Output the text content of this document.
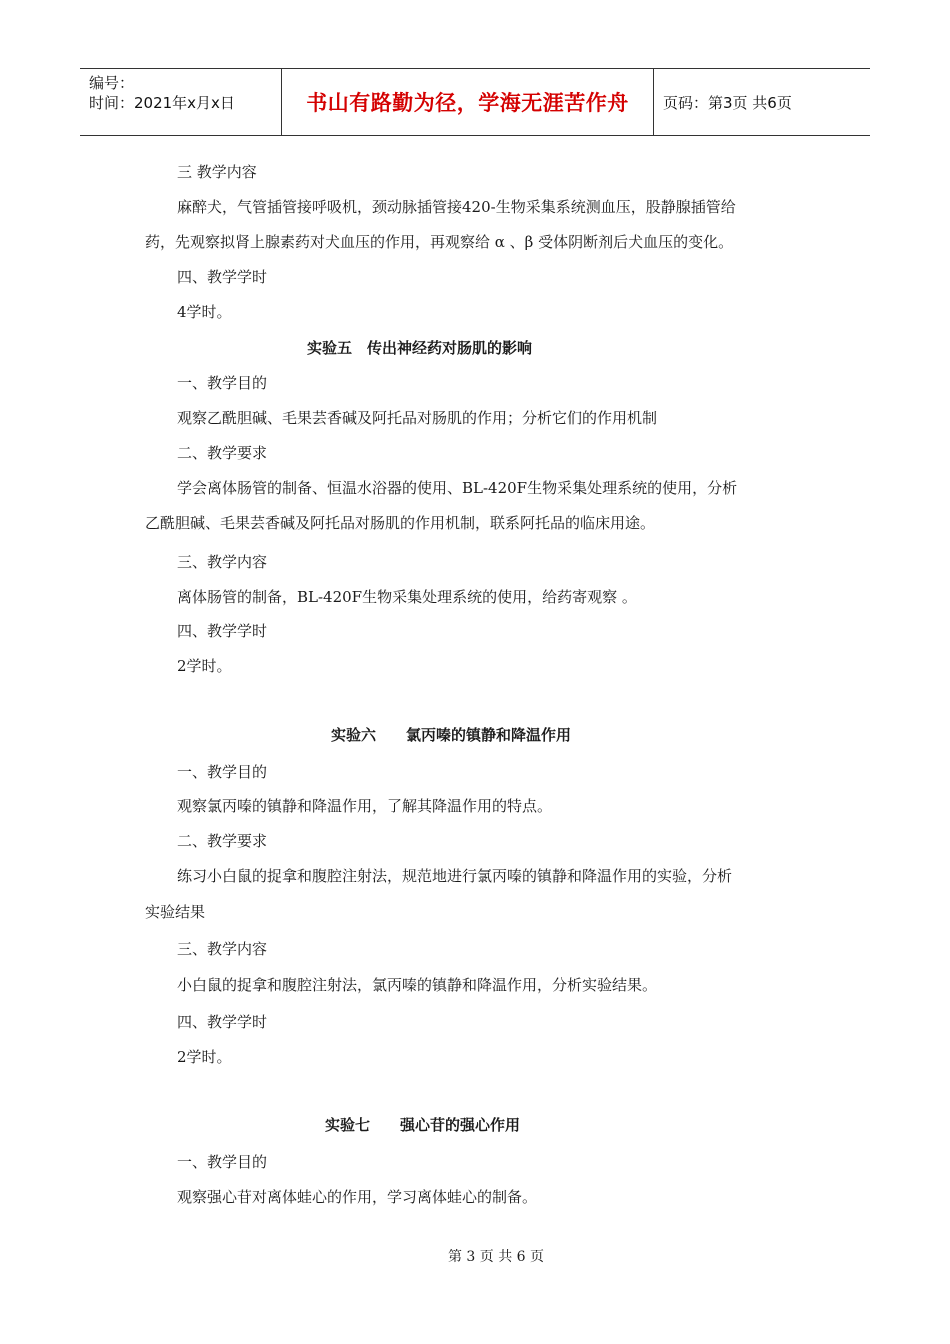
编号：
时间：2021年x月x日	书山有路勤为径，学海无涯苦作舟	页码：第3页 共6页
三 教学内容
麻醉犬，气管插管接呼吸机，颈动脉插管接420-生物采集系统测血压，股静腺插管给
药，先观察拟肾上腺素药对犬血压的作用，再观察给 α 、β 受体阴断剂后犬血压的变化。
四、教学学时
4学时。
实验五　传出神经药对肠肌的影响
一、教学目的
观察乙酰胆碱、毛果芸香碱及阿托品对肠肌的作用；分析它们的作用机制
二、教学要求
学会离体肠管的制备、恒温水浴器的使用、BL-420F生物采集处理系统的使用，分析
乙酰胆碱、毛果芸香碱及阿托品对肠肌的作用机制，联系阿托品的临床用途。
三、教学内容
离体肠管的制备，BL-420F生物采集处理系统的使用，给药寄观察 。
四、教学学时
2学时。
实验六　　氯丙嗪的镇静和降温作用
一、教学目的
观察氯丙嗪的镇静和降温作用，了解其降温作用的特点。
二、教学要求
练习小白鼠的捉拿和腹腔注射法，规范地进行氯丙嗪的镇静和降温作用的实验，分析
实验结果
三、教学内容
小白鼠的捉拿和腹腔注射法，氯丙嗪的镇静和降温作用，分析实验结果。
四、教学学时
2学时。
实验七　　强心苷的强心作用
一、教学目的
观察强心苷对离体蛙心的作用，学习离体蛙心的制备。
第 3 页 共 6 页
